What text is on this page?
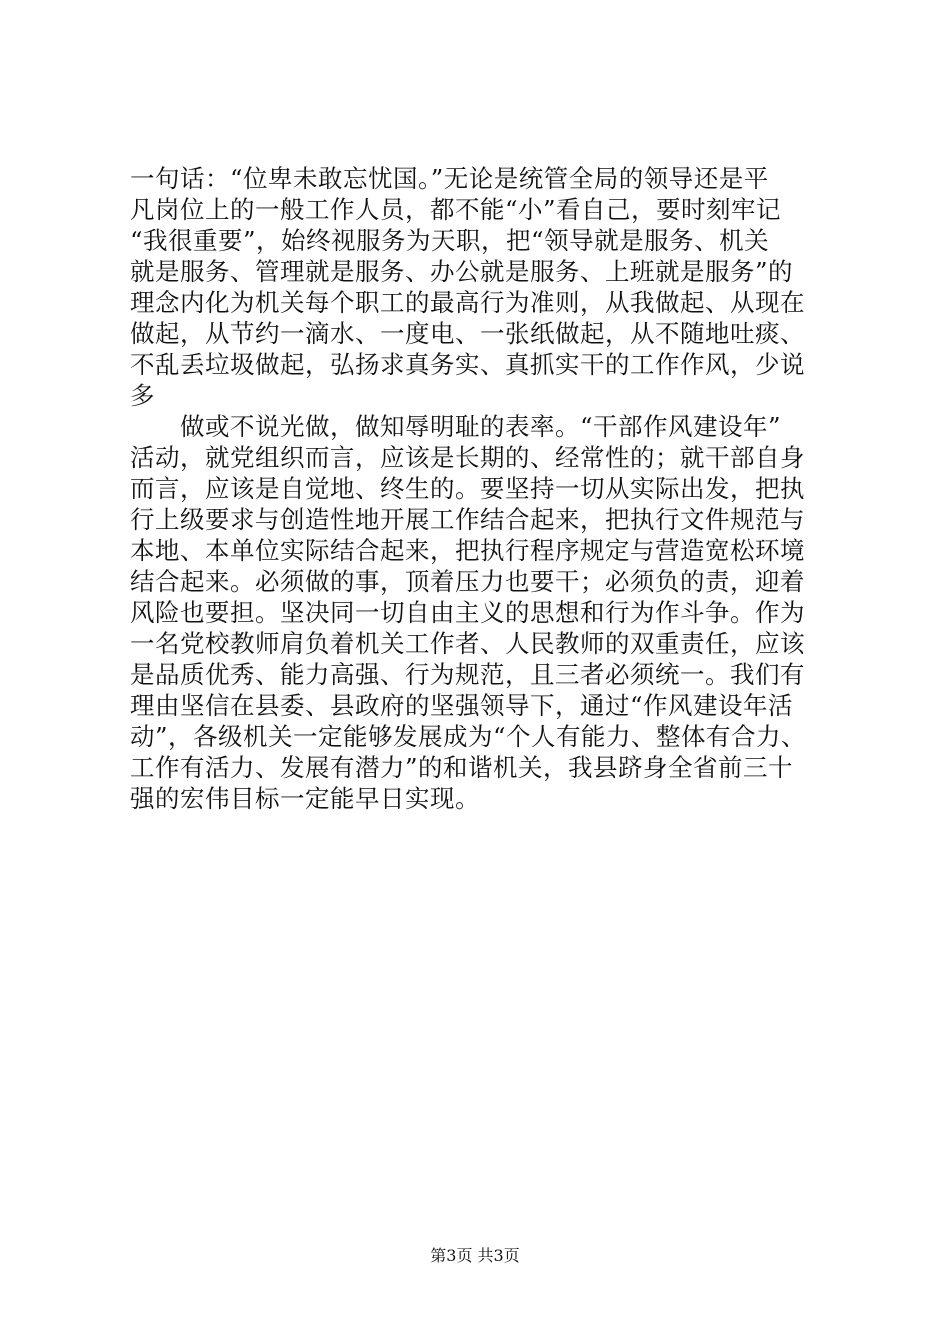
一句话：“位卑未敢忘忧国。”无论是统管全局的领导还是平
凡岗位上的一般工作人员，都不能“小”看自己，要时刻牢记
“我很重要”，始终视服务为天职，把“领导就是服务、机关
就是服务、管理就是服务、办公就是服务、上班就是服务”的
理念内化为机关每个职工的最高行为准则，从我做起、从现在
做起，从节约一滴水、一度电、一张纸做起，从不随地吐痰、
不乱丢垃圾做起，弘扬求真务实、真抓实干的工作作风，少说
多
做或不说光做，做知辱明耻的表率。“干部作风建设年”
活动，就党组织而言，应该是长期的、经常性的；就干部自身
而言，应该是自觉地、终生的。要坚持一切从实际出发，把执
行上级要求与创造性地开展工作结合起来，把执行文件规范与
本地、本单位实际结合起来，把执行程序规定与营造宽松环境
结合起来。必须做的事，顶着压力也要干；必须负的责，迎着
风险也要担。坚决同一切自由主义的思想和行为作斗争。作为
一名党校教师肩负着机关工作者、人民教师的双重责任，应该
是品质优秀、能力高强、行为规范，且三者必须统一。我们有
理由坚信在县委、县政府的坚强领导下，通过“作风建设年活
动”，各级机关一定能够发展成为“个人有能力、整体有合力、
工作有活力、发展有潜力”的和谐机关，我县跻身全省前三十
强的宏伟目标一定能早日实现。
第3页 共3页
